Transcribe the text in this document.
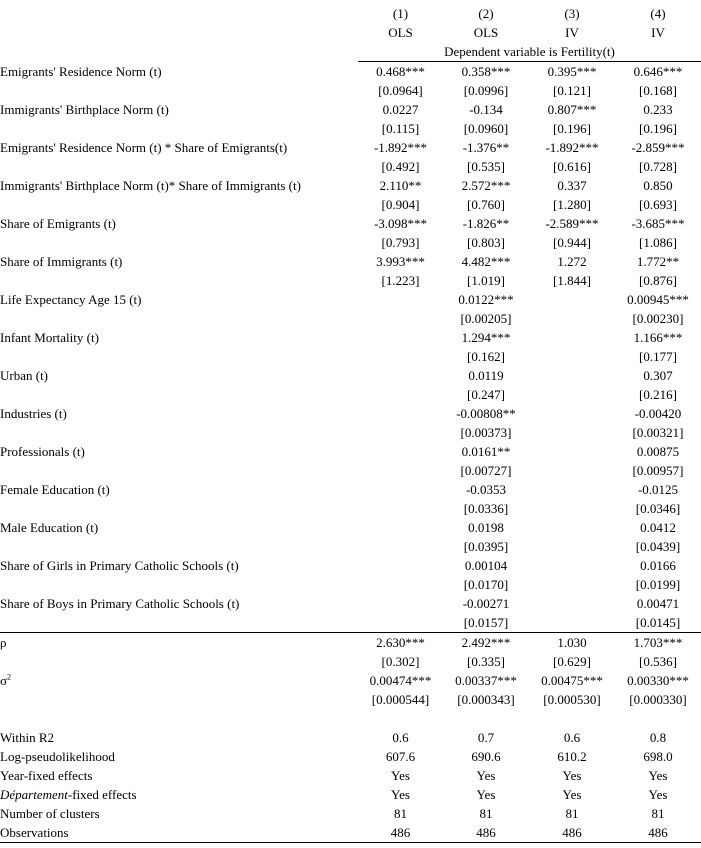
	(1)	(2)	(3)	(4)
	OLS	OLS	IV	IV
	Dependent variable is Fertility(t)			
Emigrants' Residence Norm (t)	0.468***	0.358***	0.395***	0.646***
	[0.0964]	[0.0996]	[0.121]	[0.168]
Immigrants' Birthplace Norm (t)	0.0227	-0.134	0.807***	0.233
	[0.115]	[0.0960]	[0.196]	[0.196]
Emigrants' Residence Norm (t) * Share of Emigrants(t)	-1.892***	-1.376**	-1.892***	-2.859***
	[0.492]	[0.535]	[0.616]	[0.728]
Immigrants' Birthplace Norm (t)* Share of Immigrants (t)	2.110**	2.572***	0.337	0.850
	[0.904]	[0.760]	[1.280]	[0.693]
Share of Emigrants (t)	-3.098***	-1.826**	-2.589***	-3.685***
	[0.793]	[0.803]	[0.944]	[1.086]
Share of Immigrants (t)	3.993***	4.482***	1.272	1.772**
	[1.223]	[1.019]	[1.844]	[0.876]
Life Expectancy Age 15 (t)		0.0122***		0.00945***
		[0.00205]		[0.00230]
Infant Mortality (t)		1.294***		1.166***
		[0.162]		[0.177]
Urban (t)		0.0119		0.307
		[0.247]		[0.216]
Industries (t)		-0.00808**		-0.00420
		[0.00373]		[0.00321]
Professionals (t)		0.0161**		0.00875
		[0.00727]		[0.00957]
Female Education (t)		-0.0353		-0.0125
		[0.0336]		[0.0346]
Male Education (t)		0.0198		0.0412
		[0.0395]		[0.0439]
Share of Girls in Primary Catholic Schools (t)		0.00104		0.0166
		[0.0170]		[0.0199]
Share of Boys in Primary Catholic Schools (t)		-0.00271		0.00471
		[0.0157]		[0.0145]
ρ	2.630***	2.492***	1.030	1.703***
	[0.302]	[0.335]	[0.629]	[0.536]
$\sigma^2$	0.00474***	0.00337***	0.00475***	0.00330***
	[0.000544]	[0.000343]	[0.000530]	[0.000330]

Within R2	0.6	0.7	0.6	0.8
Log-pseudolikelihood	607.6	690.6	610.2	698.0
Year-fixed effects	Yes	Yes	Yes	Yes
Département-fixed effects	Yes	Yes	Yes	Yes
Number of clusters	81	81	81	81
Observations	486	486	486	486
